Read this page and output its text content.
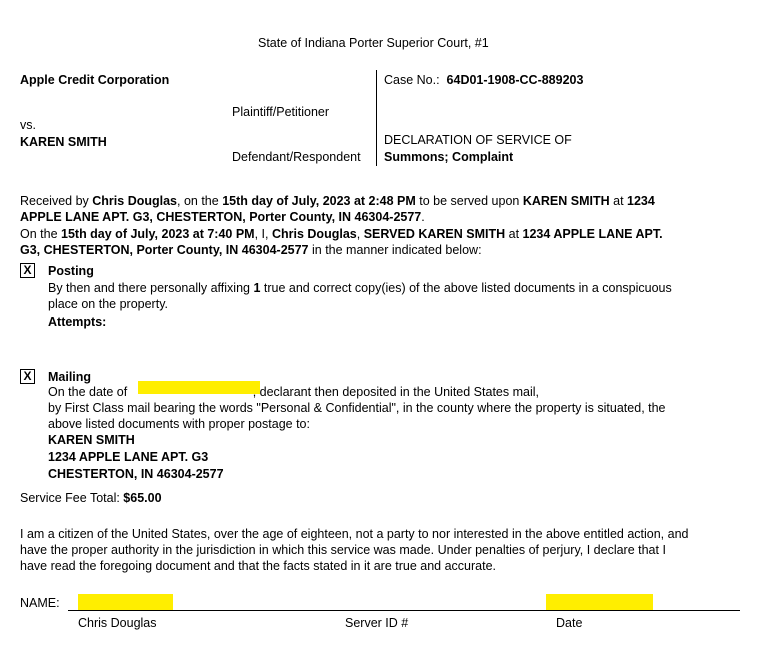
State of Indiana Porter Superior Court, #1
Apple Credit Corporation	Case No.: 64D01-1908-CC-889203
Plaintiff/Petitioner
vs.
KAREN SMITH	DECLARATION OF SERVICE OF
Defendant/Respondent Summons; Complaint
Received by Chris Douglas, on the 15th day of July, 2023 at 2:48 PM to be served upon KAREN SMITH at 1234
APPLE LANE APT. G3, CHESTERTON, Porter County, IN 46304-2577.
On the 15th day of July, 2023 at 7:40 PM, I, Chris Douglas, SERVED KAREN SMITH at 1234 APPLE LANE APT.
G3, CHESTERTON, Porter County, IN 46304-2577 in the manner indicated below:
X Posting
By then and there personally affixing 1 true and correct copy(ies) of the above listed documents in a conspicuous
place on the property.
Attempts:
X Mailing
On the date of	, declarant then deposited in the United States mail,
by First Class mail bearing the words "Personal & Confidential", in the county where the property is situated, the
above listed documents with proper postage to:
KAREN SMITH
1234 APPLE LANE APT. G3
CHESTERTON, IN 46304-2577
Service Fee Total: $65.00
I am a citizen of the United States, over the age of eighteen, not a party to nor interested in the above entitled action, and
have the proper authority in the jurisdiction in which this service was made. Under penalties of perjury, I declare that I
have read the foregoing document and that the facts stated in it are true and accurate.
NAME:
Chris Douglas	Server ID #	Date
